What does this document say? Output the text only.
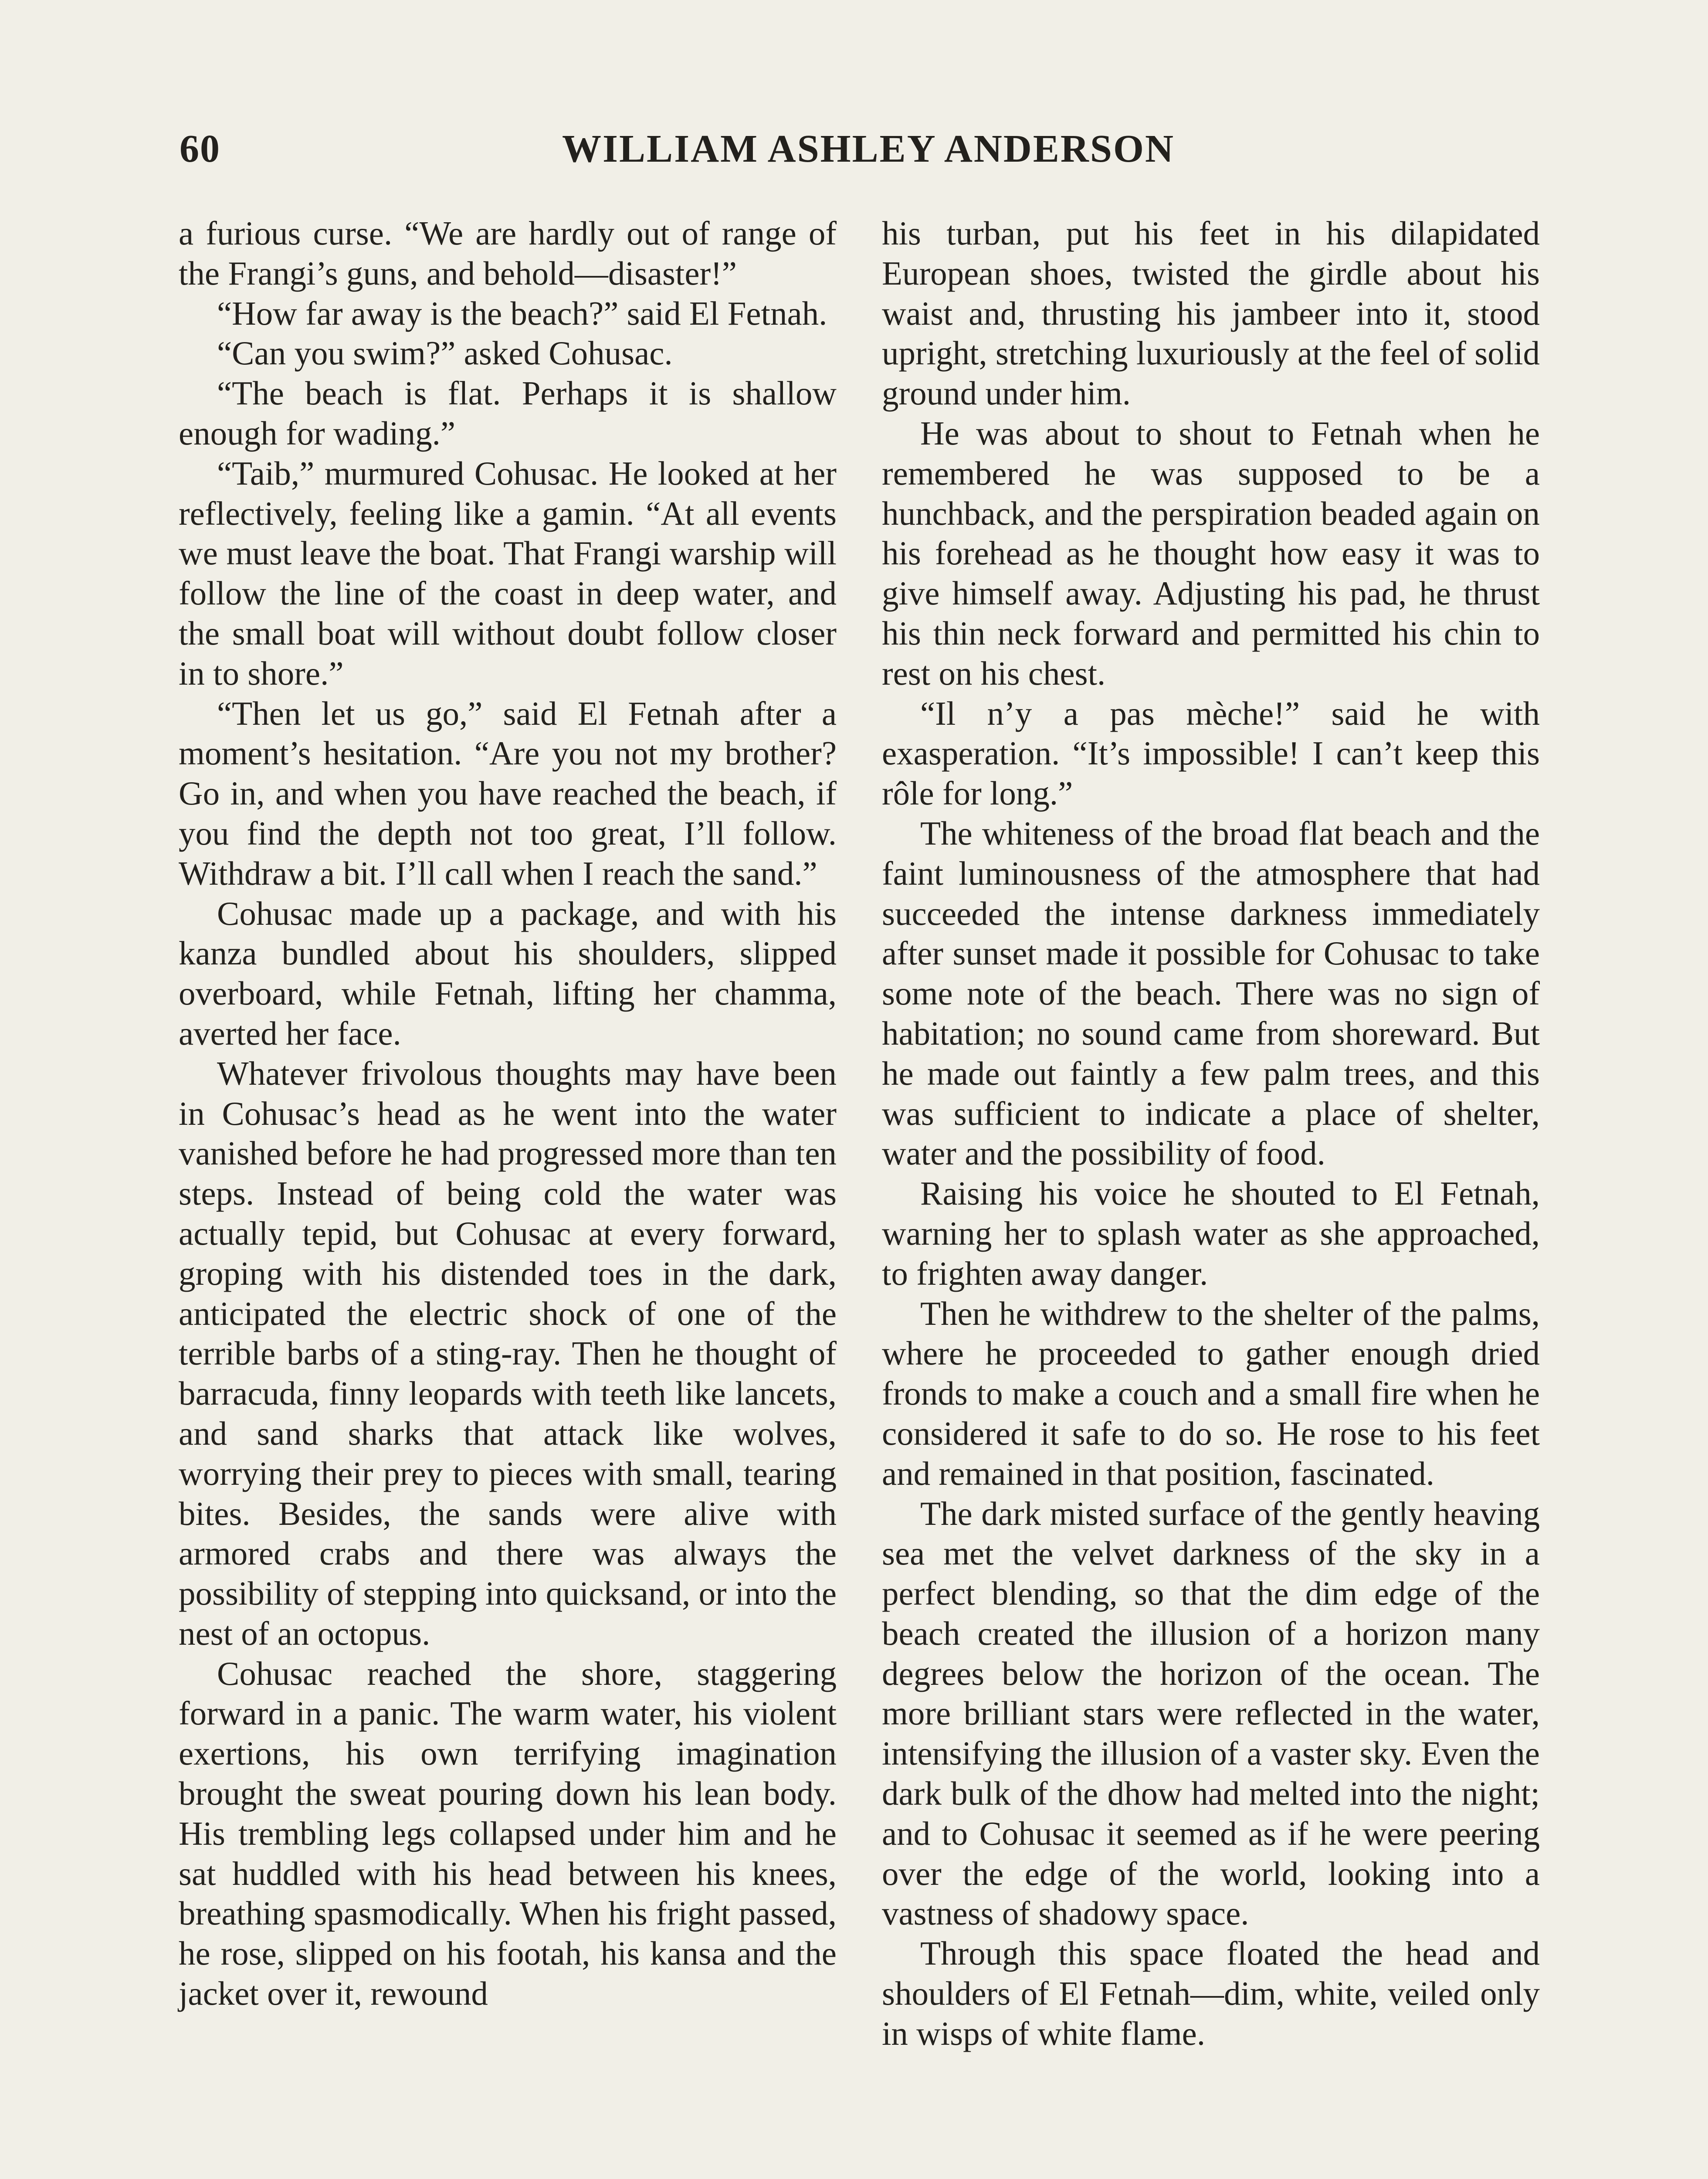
60	WILLIAM ASHLEY ANDERSON

a furious curse. “We are hardly out of range of the Frangi’s guns, and behold—disaster!”

“How far away is the beach?” said El Fetnah.

“Can you swim?” asked Cohusac.

“The beach is flat. Perhaps it is shallow enough for wading.”

“Taib,” murmured Cohusac. He looked at her reflectively, feeling like a gamin. “At all events we must leave the boat. That Frangi warship will follow the line of the coast in deep water, and the small boat will without doubt follow closer in to shore.”

“Then let us go,” said El Fetnah after a moment’s hesitation. “Are you not my brother? Go in, and when you have reached the beach, if you find the depth not too great, I’ll follow. Withdraw a bit. I’ll call when I reach the sand.”

Cohusac made up a package, and with his kanza bundled about his shoulders, slipped overboard, while Fetnah, lifting her chamma, averted her face.

Whatever frivolous thoughts may have been in Cohusac’s head as he went into the water vanished before he had progressed more than ten steps. Instead of being cold the water was actually tepid, but Cohusac at every forward, groping with his distended toes in the dark, anticipated the electric shock of one of the terrible barbs of a sting-ray. Then he thought of barracuda, finny leopards with teeth like lancets, and sand sharks that attack like wolves, worrying their prey to pieces with small, tearing bites. Besides, the sands were alive with armored crabs and there was always the possibility of stepping into quicksand, or into the nest of an octopus.

Cohusac reached the shore, staggering forward in a panic. The warm water, his violent exertions, his own terrifying imagination brought the sweat pouring down his lean body. His trembling legs collapsed under him and he sat huddled with his head between his knees, breathing spasmodically. When his fright passed, he rose, slipped on his footah, his kansa and the jacket over it, rewound

his turban, put his feet in his dilapidated European shoes, twisted the girdle about his waist and, thrusting his jambeer into it, stood upright, stretching luxuriously at the feel of solid ground under him.

He was about to shout to Fetnah when he remembered he was supposed to be a hunchback, and the perspiration beaded again on his forehead as he thought how easy it was to give himself away. Adjusting his pad, he thrust his thin neck forward and permitted his chin to rest on his chest.

“Il n’y a pas mèche!” said he with exasperation. “It’s impossible! I can’t keep this rôle for long.”

The whiteness of the broad flat beach and the faint luminousness of the atmosphere that had succeeded the intense darkness immediately after sunset made it possible for Cohusac to take some note of the beach. There was no sign of habitation; no sound came from shoreward. But he made out faintly a few palm trees, and this was sufficient to indicate a place of shelter, water and the possibility of food.

Raising his voice he shouted to El Fetnah, warning her to splash water as she approached, to frighten away danger.

Then he withdrew to the shelter of the palms, where he proceeded to gather enough dried fronds to make a couch and a small fire when he considered it safe to do so. He rose to his feet and remained in that position, fascinated.

The dark misted surface of the gently heaving sea met the velvet darkness of the sky in a perfect blending, so that the dim edge of the beach created the illusion of a horizon many degrees below the horizon of the ocean. The more brilliant stars were reflected in the water, intensifying the illusion of a vaster sky. Even the dark bulk of the dhow had melted into the night; and to Cohusac it seemed as if he were peering over the edge of the world, looking into a vastness of shadowy space.

Through this space floated the head and shoulders of El Fetnah—dim, white, veiled only in wisps of white flame.
